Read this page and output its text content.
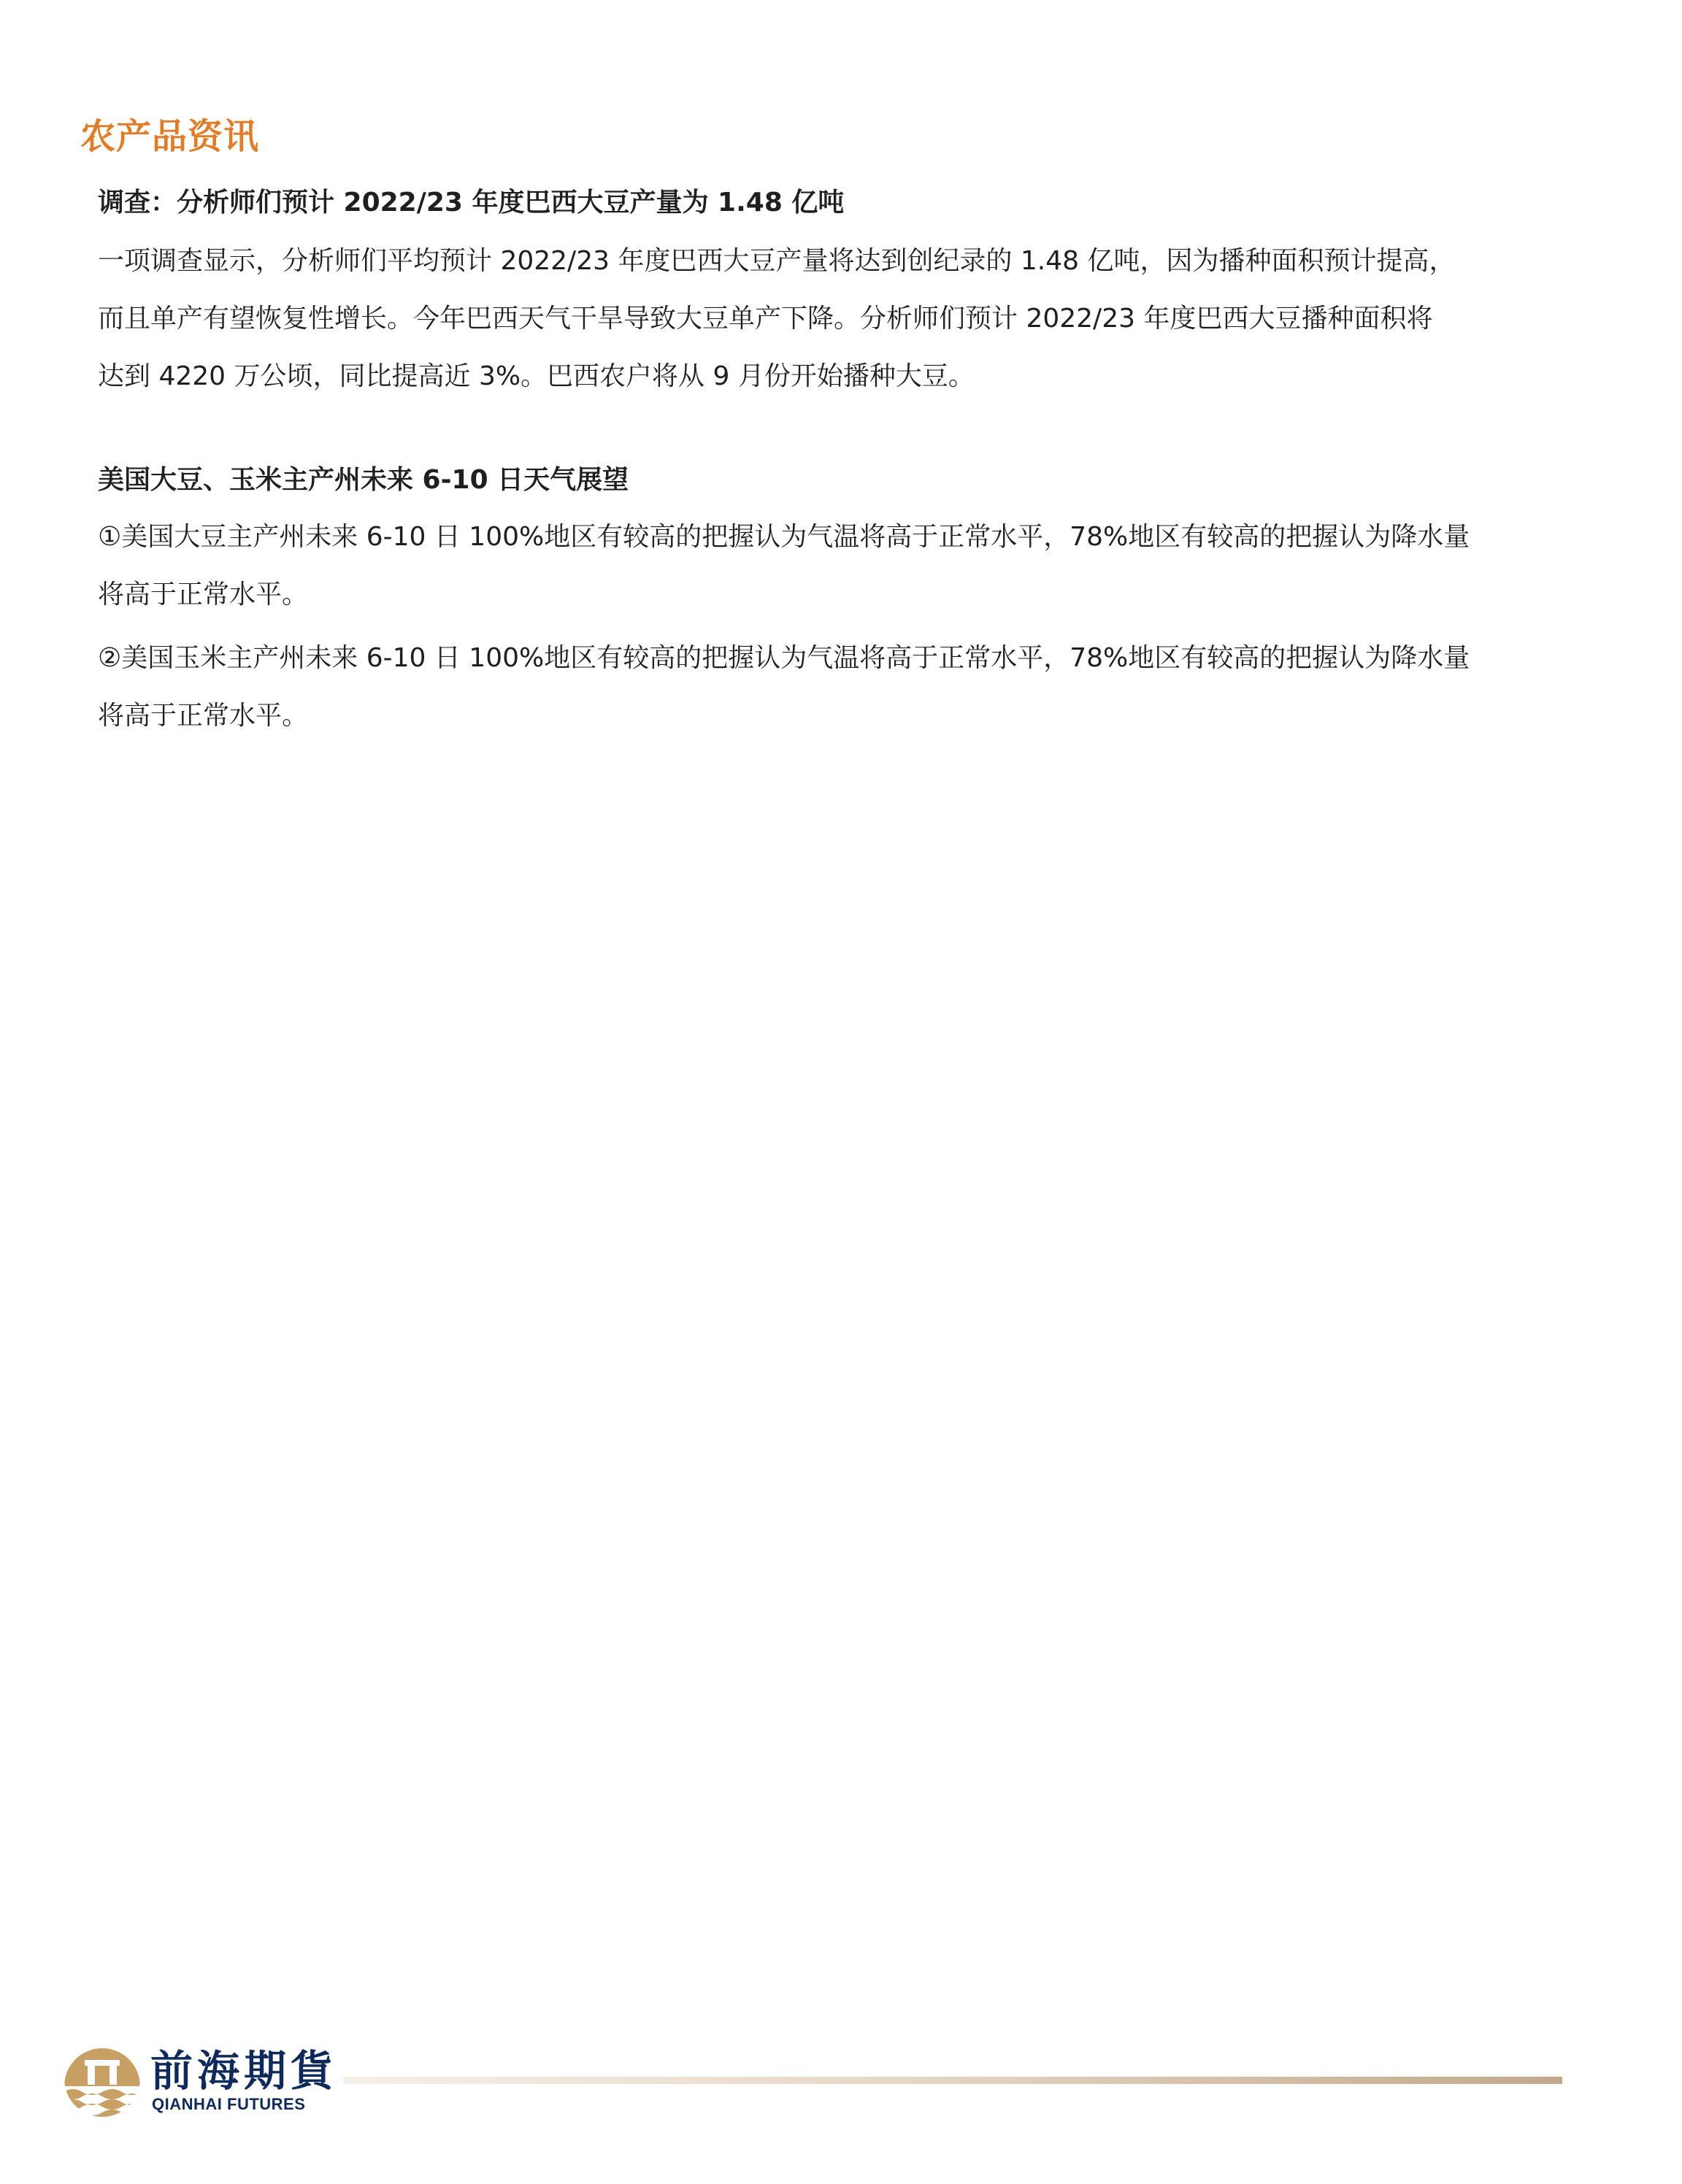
农产品资讯
调查：分析师们预计 2022/23 年度巴西大豆产量为 1.48 亿吨

一项调查显示，分析师们平均预计 2022/23 年度巴西大豆产量将达到创纪录的 1.48 亿吨，因为播种面积预计提高，
而且单产有望恢复性增长。今年巴西天气干旱导致大豆单产下降。分析师们预计 2022/23 年度巴西大豆播种面积将
达到 4220 万公顷，同比提高近 3%。巴西农户将从 9 月份开始播种大豆。

美国大豆、玉米主产州未来 6-10 日天气展望

①美国大豆主产州未来 6-10 日 100%地区有较高的把握认为气温将高于正常水平，78%地区有较高的把握认为降水量
将高于正常水平。

②美国玉米主产州未来 6-10 日 100%地区有较高的把握认为气温将高于正常水平，78%地区有较高的把握认为降水量
将高于正常水平。

前海期貨
QIANHAI FUTURES
